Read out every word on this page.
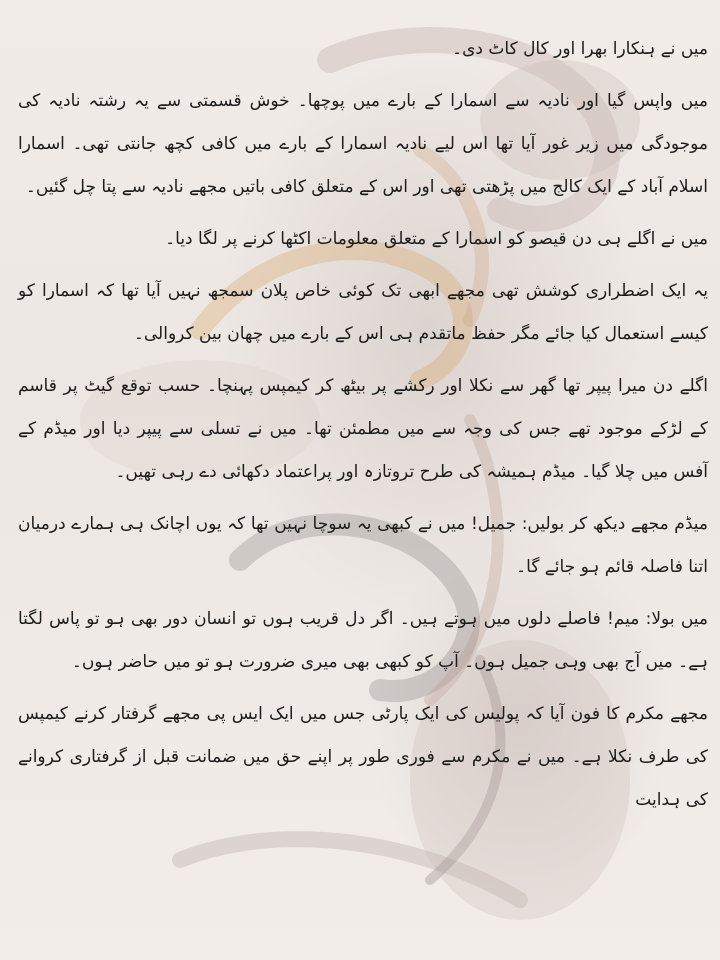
میں نے ہنکارا بھرا اور کال کاٹ دی۔

میں واپس گیا اور نادیہ سے اسمارا کے بارے میں پوچھا۔ خوش قسمتی سے یہ رشتہ نادیہ کی موجودگی میں زیر غور آیا تھا اس لیے نادیہ اسمارا کے بارے میں کافی کچھ جانتی تھی۔ اسمارا اسلام آباد کے ایک کالج میں پڑھتی تھی اور اس کے متعلق کافی باتیں مجھے نادیہ سے پتا چل گئیں۔

میں نے اگلے ہی دن قیصو کو اسمارا کے متعلق معلومات اکٹھا کرنے پر لگا دیا۔

یہ ایک اضطراری کوشش تھی مجھے ابھی تک کوئی خاص پلان سمجھ نہیں آیا تھا کہ اسمارا کو کیسے استعمال کیا جائے مگر حفظ ماتقدم ہی اس کے بارے میں چھان بین کروالی۔

اگلے دن میرا پیپر تھا گھر سے نکلا اور رکشے پر بیٹھ کر کیمپس پہنچا۔ حسب توقع گیٹ پر قاسم کے لڑکے موجود تھے جس کی وجہ سے میں مطمئن تھا۔ میں نے تسلی سے پیپر دیا اور میڈم کے آفس میں چلا گیا۔ میڈم ہمیشہ کی طرح تروتازہ اور پراعتماد دکھائی دے رہی تھیں۔

میڈم مجھے دیکھ کر بولیں: جمیل! میں نے کبھی یہ سوچا نہیں تھا کہ یوں اچانک ہی ہمارے درمیان اتنا فاصلہ قائم ہو جائے گا۔

میں بولا: میم! فاصلے دلوں میں ہوتے ہیں۔ اگر دل قریب ہوں تو انسان دور بھی ہو تو پاس لگتا ہے۔ میں آج بھی وہی جمیل ہوں۔ آپ کو کبھی بھی میری ضرورت ہو تو میں حاضر ہوں۔

مجھے مکرم کا فون آیا کہ پولیس کی ایک پارٹی جس میں ایک ایس پی مجھے گرفتار کرنے کیمپس کی طرف نکلا ہے۔ میں نے مکرم سے فوری طور پر اپنے حق میں ضمانت قبل از گرفتاری کروانے کی ہدایت
